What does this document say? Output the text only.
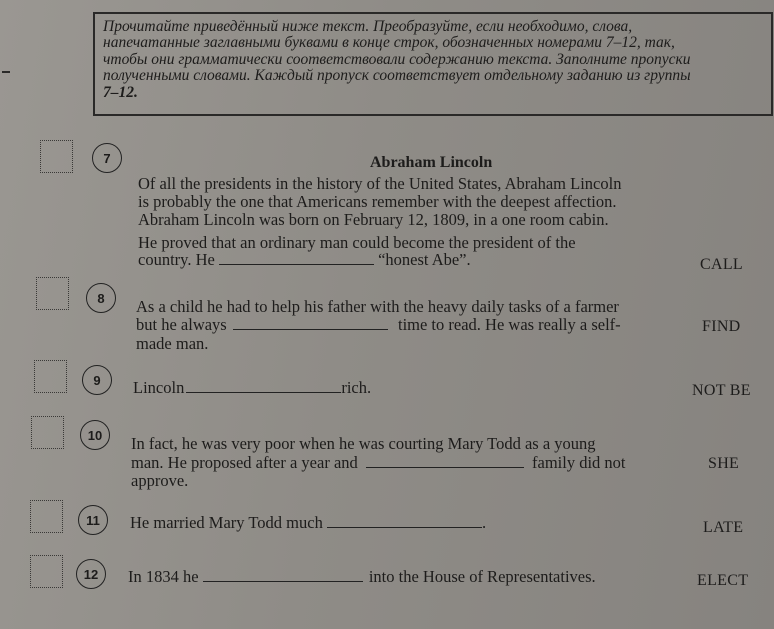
Прочитайте приведённый ниже текст. Преобразуйте, если необходимо, слова,
напечатанные заглавными буквами в конце строк, обозначенных номерами 7–12, так,
чтобы они грамматически соответствовали содержанию текста. Заполните пропуски
полученными словами. Каждый пропуск соответствует отдельному заданию из группы
7–12.
Abraham Lincoln
7
Of all the presidents in the history of the United States, Abraham Lincoln
is probably the one that Americans remember with the deepest affection.
Abraham Lincoln was born on February 12, 1809, in a one room cabin.
He proved that an ordinary man could become the president of the
country. He	“honest Abe”.	CALL
8	As a child he had to help his father with the heavy daily tasks of a farmer
but he always	time to read. He was really a self-
made man.
FIND
9	Lincoln	rich.	NOT BE
10	In fact, he was very poor when he was courting Mary Todd as a young
man. He proposed after a year and	family did not
approve.
SHE
11	He married Mary Todd much	.	LATE
12	In 1834 he	into the House of Representatives.	ELECT
